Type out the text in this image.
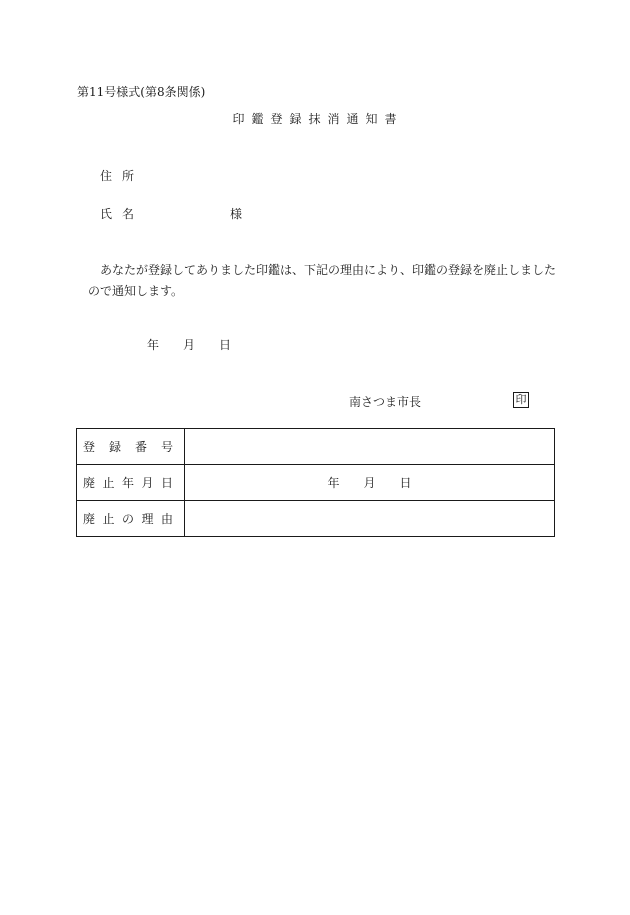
第11号様式(第8条関係)
印鑑登録抹消通知書
住所
氏名	様
あなたが登録してありました印鑑は、下記の理由により、印鑑の登録を廃止しました
ので通知します。
年 月 日
南さつま市長	印
登録番号	
廃止年月日	年 月 日
廃止の理由	
